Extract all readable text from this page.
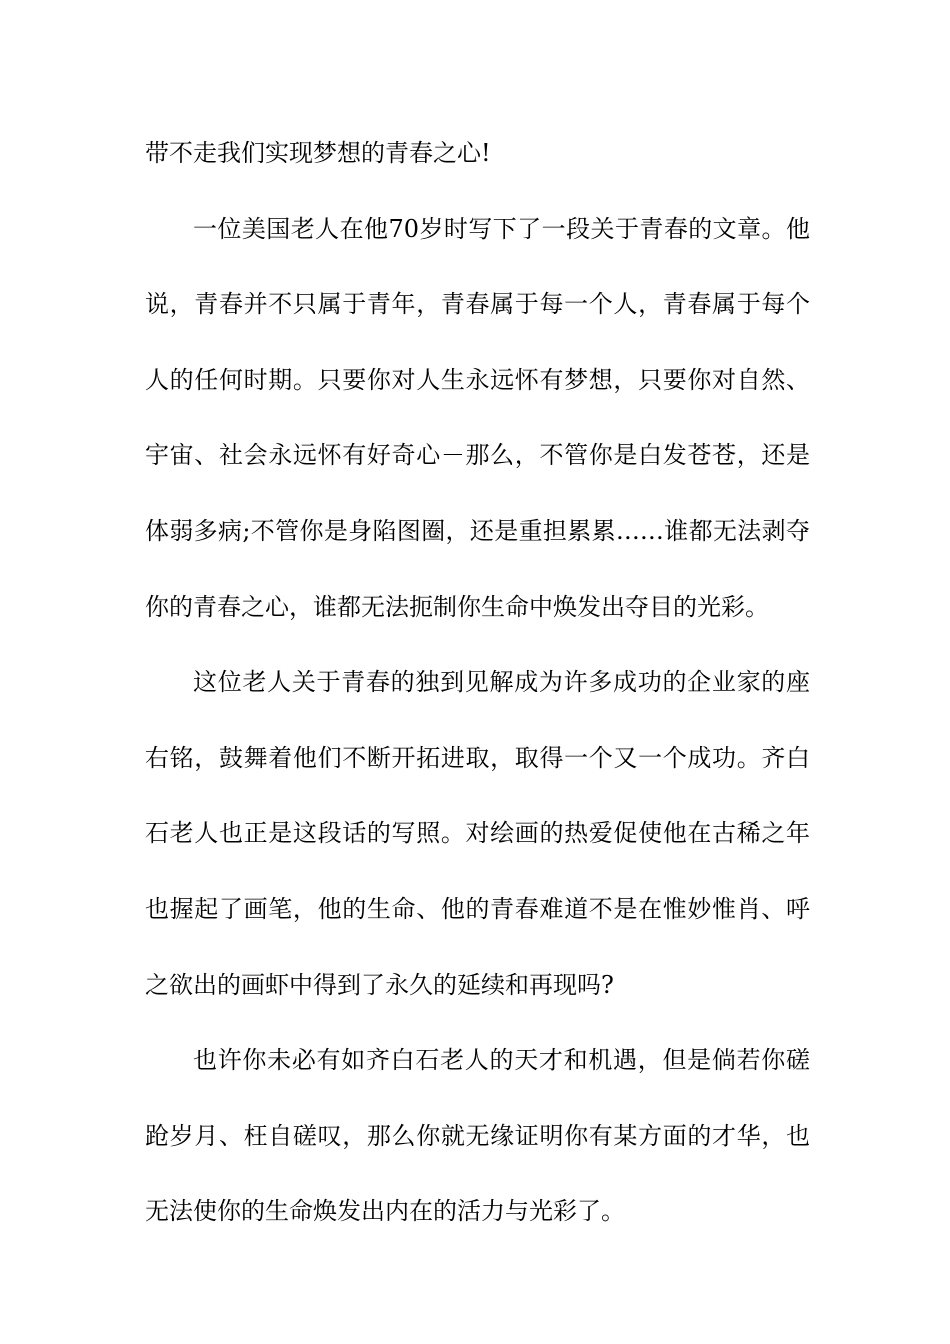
带不走我们实现梦想的青春之心!
一位美国老人在他70岁时写下了一段关于青春的文章。他
说，青春并不只属于青年，青春属于每一个人，青春属于每个
人的任何时期。只要你对人生永远怀有梦想，只要你对自然、
宇宙、社会永远怀有好奇心－那么，不管你是白发苍苍，还是
体弱多病;不管你是身陷图圈，还是重担累累……谁都无法剥夺
你的青春之心，谁都无法扼制你生命中焕发出夺目的光彩。
这位老人关于青春的独到见解成为许多成功的企业家的座
右铭，鼓舞着他们不断开拓进取，取得一个又一个成功。齐白
石老人也正是这段话的写照。对绘画的热爱促使他在古稀之年
也握起了画笔，他的生命、他的青春难道不是在惟妙惟肖、呼
之欲出的画虾中得到了永久的延续和再现吗?
也许你未必有如齐白石老人的天才和机遇，但是倘若你磋
跄岁月、枉自磋叹，那么你就无缘证明你有某方面的才华，也
无法使你的生命焕发出内在的活力与光彩了。
